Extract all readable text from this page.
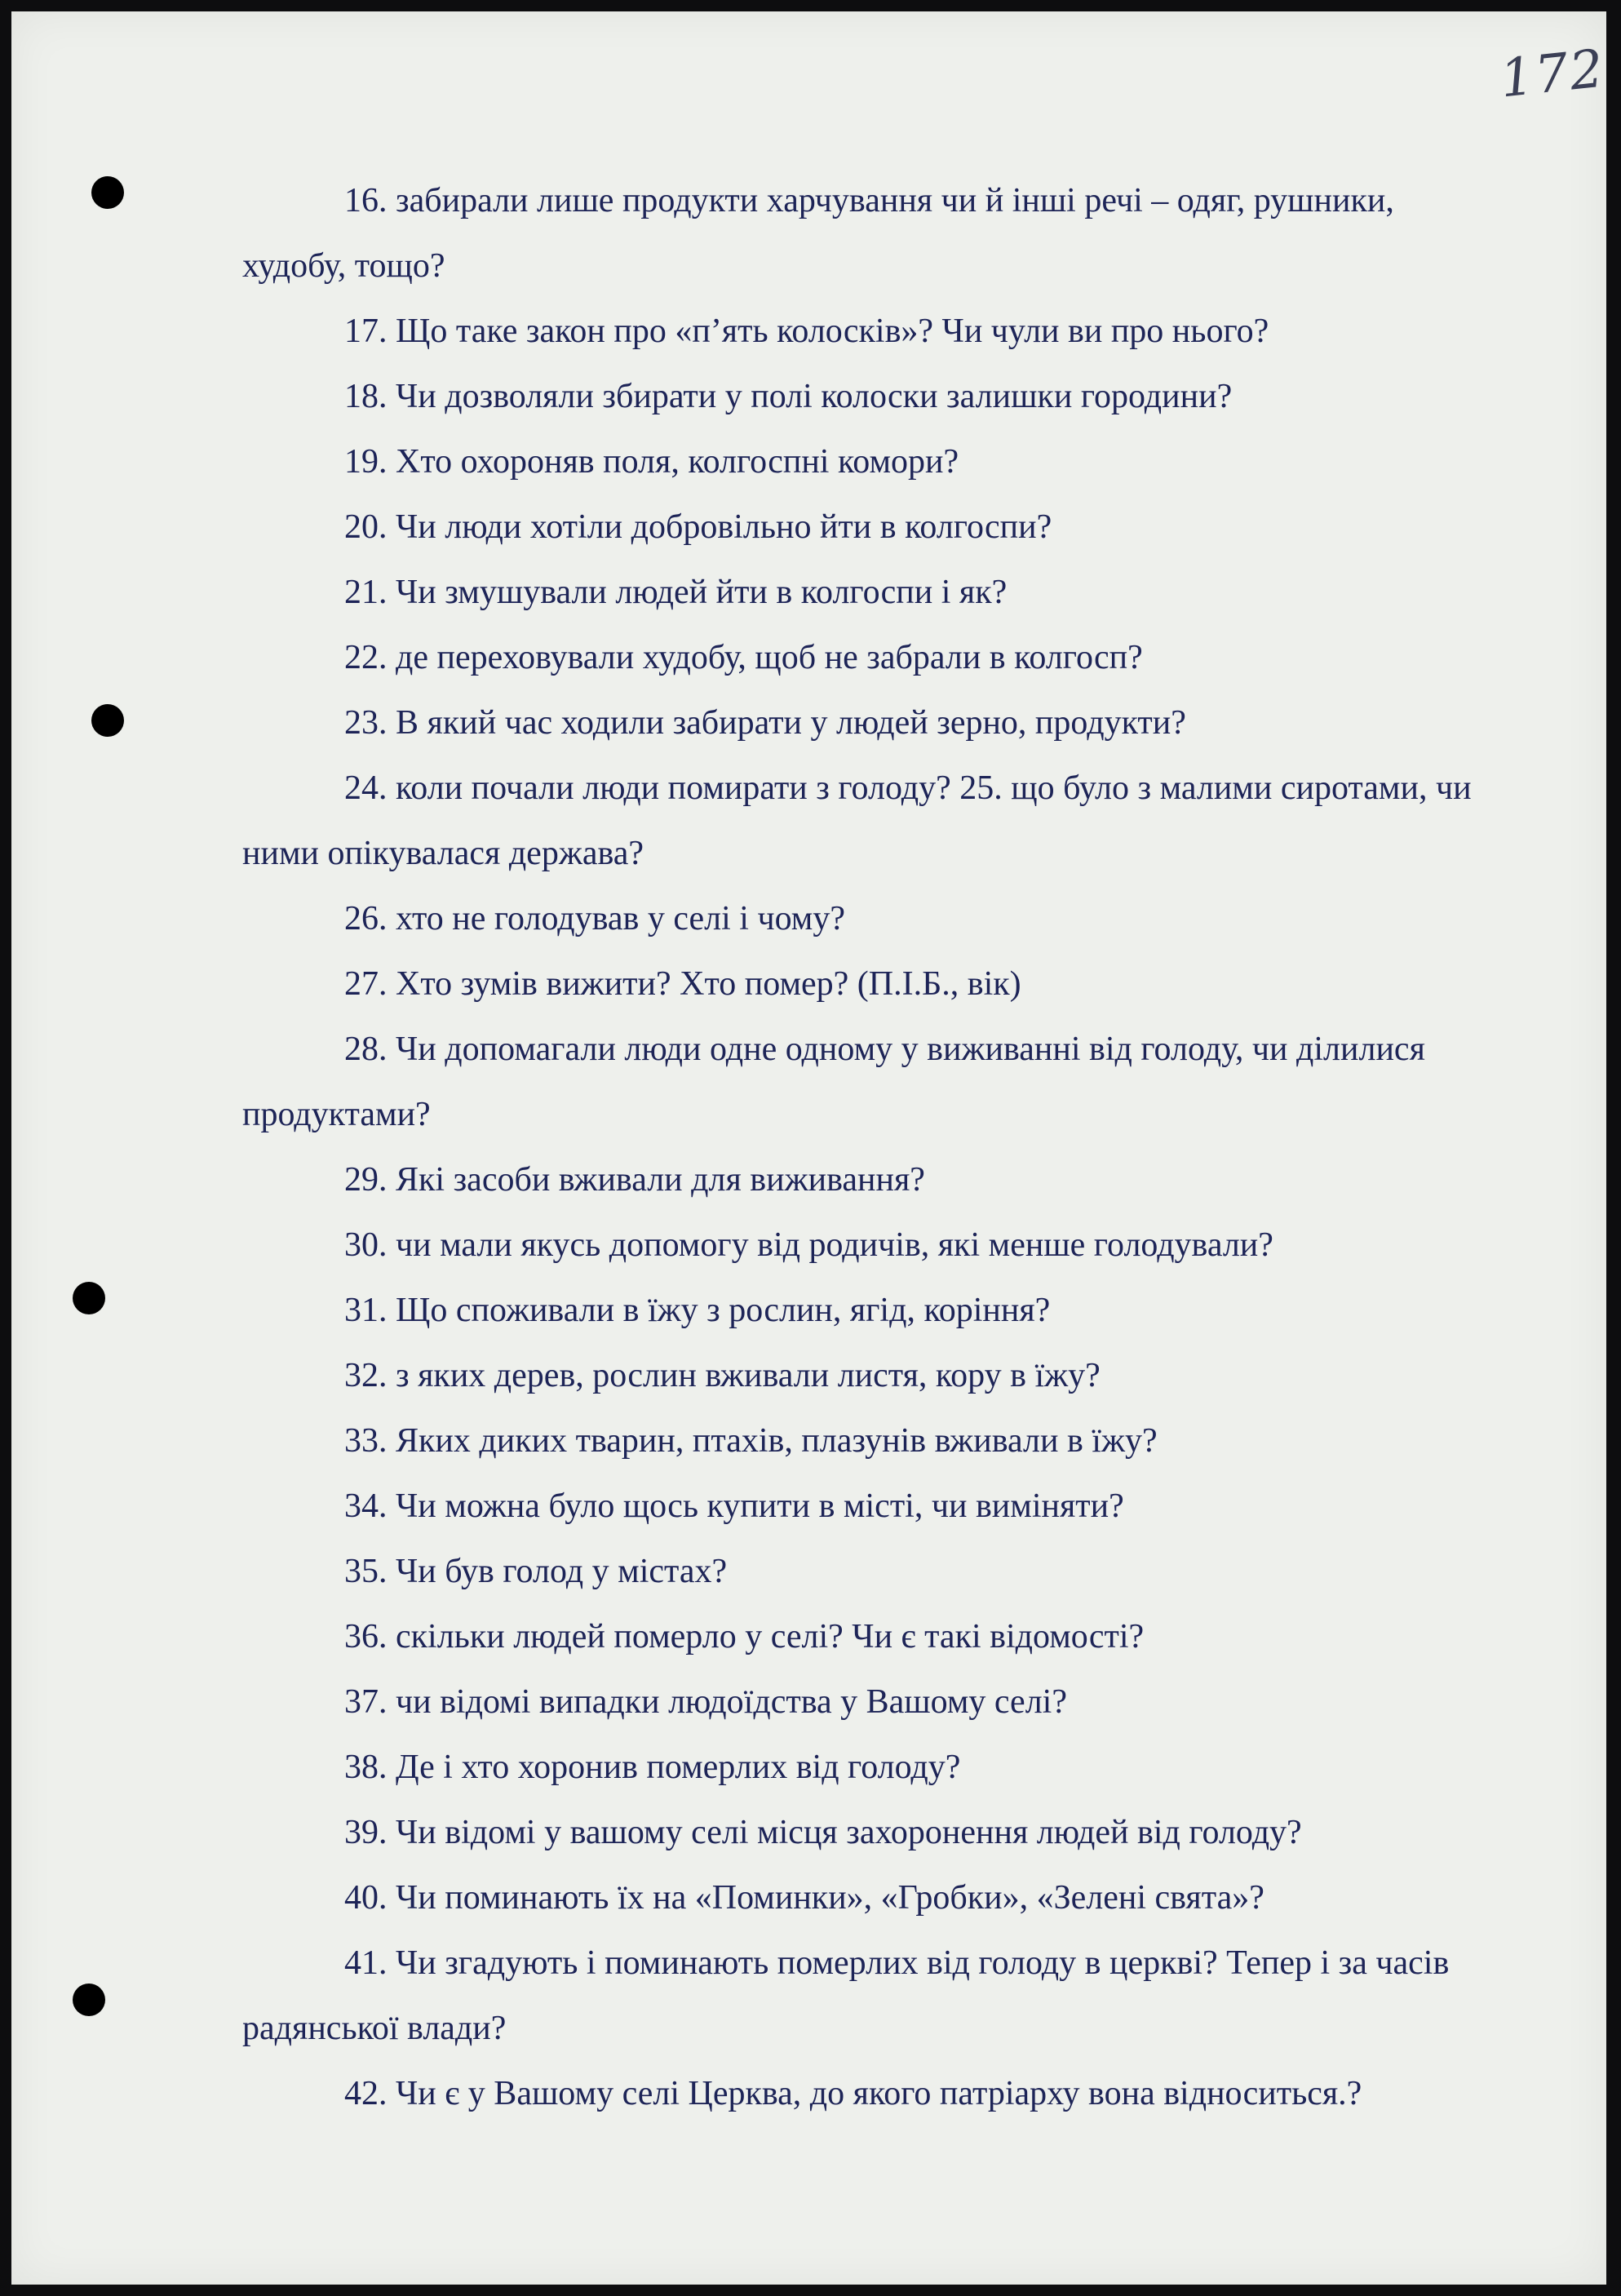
172
16. забирали лише продукти харчування чи й інші речі – одяг, рушники, худобу, тощо?
17. Що таке закон про «п’ять колосків»? Чи чули ви про нього?
18. Чи дозволяли збирати у полі колоски залишки городини?
19. Хто охороняв поля, колгоспні комори?
20. Чи люди хотіли добровільно йти в колгоспи?
21. Чи змушували людей йти в колгоспи і як?
22. де переховували худобу, щоб не забрали в колгосп?
23. В який час ходили забирати у людей зерно, продукти?
24. коли почали люди помирати з голоду? 25. що було з малими сиротами, чи ними опікувалася держава?
26. хто не голодував у селі і чому?
27. Хто зумів вижити? Хто помер? (П.І.Б., вік)
28. Чи допомагали люди одне одному у виживанні від голоду, чи ділилися продуктами?
29. Які засоби вживали для виживання?
30. чи мали якусь допомогу від родичів, які менше голодували?
31. Що споживали в їжу з рослин, ягід, коріння?
32. з яких дерев, рослин вживали листя, кору в їжу?
33. Яких диких тварин, птахів, плазунів вживали в їжу?
34. Чи можна було щось купити в місті, чи виміняти?
35. Чи був голод у містах?
36. скільки людей померло у селі? Чи є такі відомості?
37. чи відомі випадки людоїдства у Вашому селі?
38. Де і хто хоронив померлих від голоду?
39. Чи відомі у вашому селі місця захоронення людей від голоду?
40. Чи поминають їх на «Поминки», «Гробки», «Зелені свята»?
41. Чи згадують і поминають померлих від голоду в церкві? Тепер і за часів радянської влади?
42. Чи є у Вашому селі Церква, до якого патріарху вона відноситься.?
